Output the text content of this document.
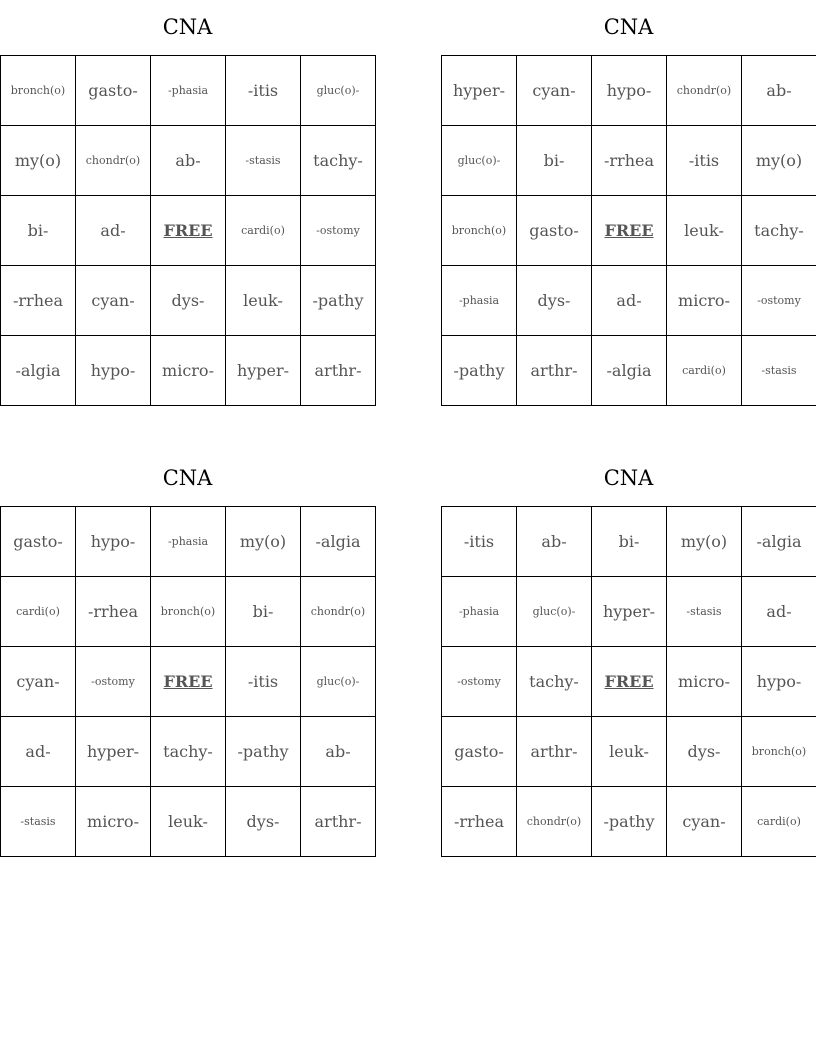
CNA
bronch(o)	gasto-	-phasia	-itis	gluc(o)-
my(o)	chondr(o)	ab-	-stasis	tachy-
bi-	ad-	FREE	cardi(o)	-ostomy
-rrhea	cyan-	dys-	leuk-	-pathy
-algia	hypo-	micro-	hyper-	arthr-
CNA
hyper-	cyan-	hypo-	chondr(o)	ab-
gluc(o)-	bi-	-rrhea	-itis	my(o)
bronch(o)	gasto-	FREE	leuk-	tachy-
-phasia	dys-	ad-	micro-	-ostomy
-pathy	arthr-	-algia	cardi(o)	-stasis
CNA
gasto-	hypo-	-phasia	my(o)	-algia
cardi(o)	-rrhea	bronch(o)	bi-	chondr(o)
cyan-	-ostomy	FREE	-itis	gluc(o)-
ad-	hyper-	tachy-	-pathy	ab-
-stasis	micro-	leuk-	dys-	arthr-
CNA
-itis	ab-	bi-	my(o)	-algia
-phasia	gluc(o)-	hyper-	-stasis	ad-
-ostomy	tachy-	FREE	micro-	hypo-
gasto-	arthr-	leuk-	dys-	bronch(o)
-rrhea	chondr(o)	-pathy	cyan-	cardi(o)
